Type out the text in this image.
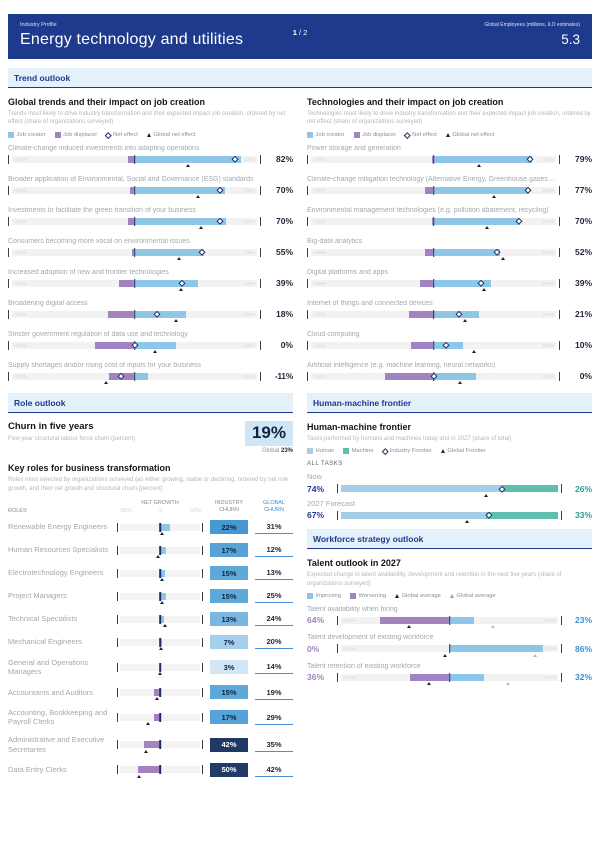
Industry Profile
Energy technology and utilities	1 / 2
Global Employees (millions, ILO estimates)
5.3
Trend outlook
Global trends and their impact on job creation
Trends most likely to drive industry transformation and their expected impact job creation, ordered by net effect (share of organizations surveyed)
Job creator	Job displacer	Net effect	Global net effect
Climate-change induced investments into adapting operations
-100%	100%	82%
Broader application of Environmental, Social and Governance (ESG) standards
-100%	100%	70%
Investments to facilitate the green transition of your business
-100%	100%	70%
Consumers becoming more vocal on environmental issues
-100%	100%	55%
Increased adoption of new and frontier technologies
-100%	100%	39%
Broadening digital access
-100%	100%	18%
Stricter government regulation of data use and technology
-100%	100%	0%
Supply shortages and/or rising cost of inputs for your business
-100%	100%	-11%
Role outlook
Churn in five years
Five-year structural labour force churn (percent)	19%
Global 23%
Key roles for business transformation
Roles most selected by organizations surveyed (as either growing, stable or declining, ordered by net role growth, and their net growth and structural churn (percent)
ROLES
NET GROWTH
-50%	0	50%
INDUSTRY CHURN
GLOBAL CHURN
Renewable Energy Engineers	22%	31%
Human Resources Specialists	17%	12%
Electrotechnology Engineers	15%	13%
Project Managers	15%	25%
Technical Specialists	13%	24%
Mechanical Engineers	7%	20%
General and Operations Managers	3%	14%
Accountants and Auditors	15%	19%
Accounting, Bookkeeping and Payroll Clerks	17%	29%
Administrative and Executive Secretaries	42%	35%
Data Entry Clerks	50%	42%
Technologies and their impact on job creation
Technologies most likely to drive industry transformation and their expected impact job creation, ordered by net effect (share of organizations surveyed)
Job creator	Job displacer	Net effect	Global net effect
Power storage and generation
-100%	100%	79%
Climate-change mitigation technology (Alternative Energy, Greenhouse gases…
-100%	100%	77%
Environmental management technologies (e.g. pollution abatement, recycling)
-100%	100%	70%
Big-data analytics
-100%	100%	52%
Digital platforms and apps
-100%	100%	39%
Internet of things and connected devices
-100%	100%	21%
Cloud computing
-100%	100%	10%
Artificial intelligence (e.g. machine learning, neural networks)
-100%	100%	0%
Human-machine frontier
Human-machine frontier
Tasks performed by humans and machines today and in 2027 (share of total)
Human	Machine	Industry Frontier	Global Frontier
ALL TASKS
Now
74%	26%
2027 Forecast
67%	33%
Workforce strategy outlook
Talent outlook in 2027
Expected change in talent availability, development and retention in the next five years (share of organizations surveyed)
Improving	Worsening	Global average	Global average
Talent availability when hiring
64%	-100%	100%	23%
Talent development of existing workforce
0%	-100%	100%	86%
Talent retention of existing workforce
36%	-100%	100%	32%
